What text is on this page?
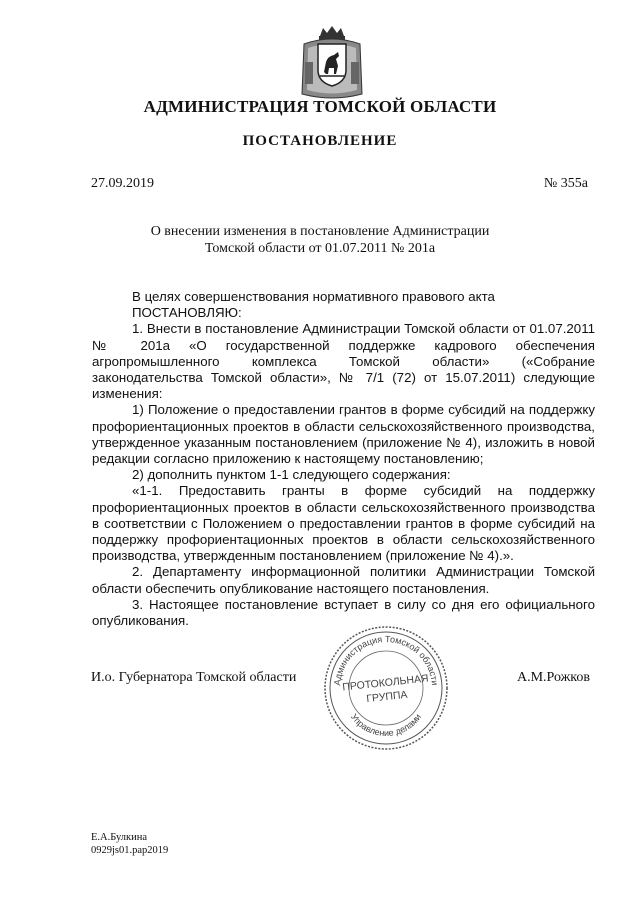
АДМИНИСТРАЦИЯ ТОМСКОЙ ОБЛАСТИ
ПОСТАНОВЛЕНИЕ
27.09.2019	№ 355а
О внесении изменения в постановление Администрации
Томской области от 01.07.2011 № 201а

В целях совершенствования нормативного правового акта

ПОСТАНОВЛЯЮ:

1. Внести в постановление Администрации Томской области от 01.07.2011 № 201а «О государственной поддержке кадрового обеспечения агропромышленного комплекса Томской области» («Собрание законодательства Томской области», № 7/1 (72) от 15.07.2011) следующие изменения:

1) Положение о предоставлении грантов в форме субсидий на поддержку профориентационных проектов в области сельскохозяйственного производства, утвержденное указанным постановлением (приложение № 4), изложить в новой редакции согласно приложению к настоящему постановлению;

2) дополнить пунктом 1-1 следующего содержания:

«1-1. Предоставить гранты в форме субсидий на поддержку профориентационных проектов в области сельскохозяйственного производства в соответствии с Положением о предоставлении грантов в форме субсидий на поддержку профориентационных проектов в области сельскохозяйственного производства, утвержденным постановлением (приложение № 4).».

2. Департаменту информационной политики Администрации Томской области обеспечить опубликование настоящего постановления.

3. Настоящее постановление вступает в силу со дня его официального опубликования.

И.о. Губернатора Томской области	А.М.Рожков
Администрация Томской области
Управление делами
ПРОТОКОЛЬНАЯ
ГРУППА
Е.А.Булкина
0929js01.pap2019
